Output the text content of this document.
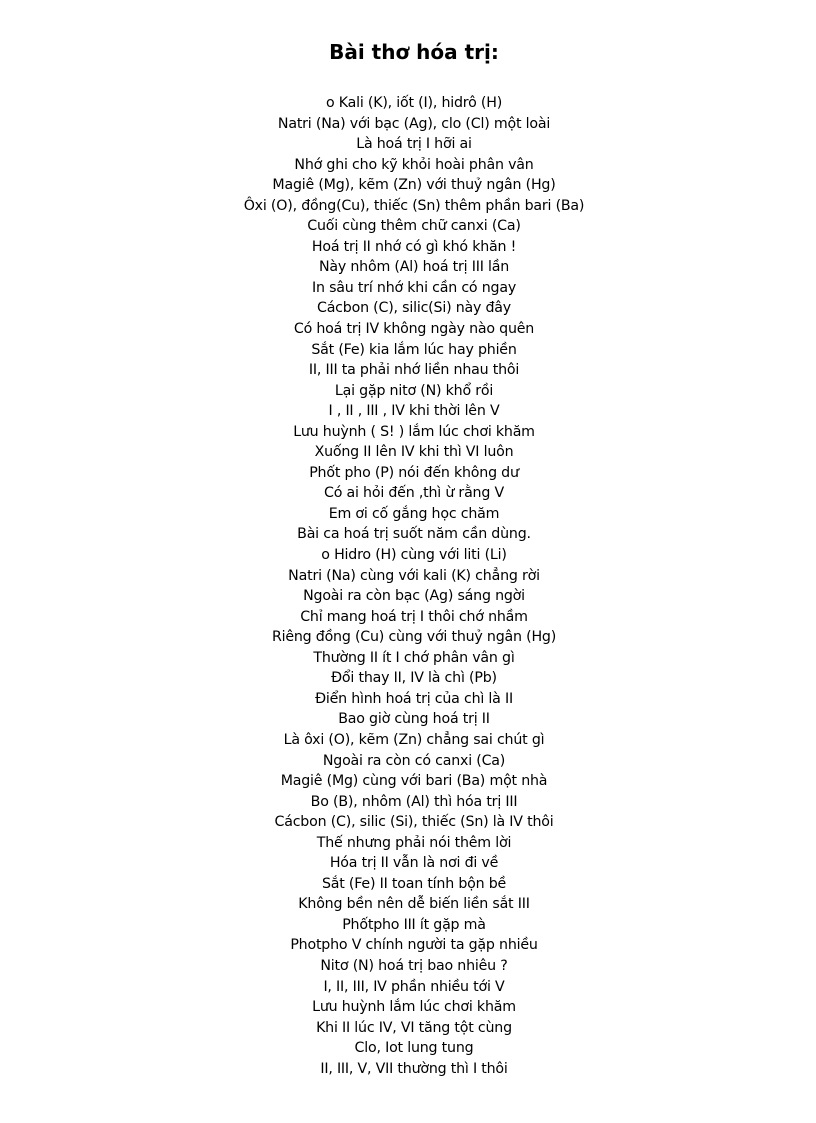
Bài thơ hóa trị:
o Kali (K), iốt (I), hidrô (H)
Natri (Na) với bạc (Ag), clo (Cl) một loài
Là hoá trị I hỡi ai
Nhớ ghi cho kỹ khỏi hoài phân vân
Magiê (Mg), kẽm (Zn) với thuỷ ngân (Hg)
Ôxi (O), đồng(Cu), thiếc (Sn) thêm phần bari (Ba)
Cuối cùng thêm chữ canxi (Ca)
Hoá trị II nhớ có gì khó khăn !
Này nhôm (Al) hoá trị III lần
In sâu trí nhớ khi cần có ngay
Cácbon (C), silic(Si) này đây
Có hoá trị IV không ngày nào quên
Sắt (Fe) kia lắm lúc hay phiền
II, III ta phải nhớ liền nhau thôi
Lại gặp nitơ (N) khổ rồi
I , II , III , IV khi thời lên V
Lưu huỳnh ( S! ) lắm lúc chơi khăm
Xuống II lên IV khi thì VI luôn
Phốt pho (P) nói đến không dư
Có ai hỏi đến ,thì ừ rằng V
Em ơi cố gắng học chăm
Bài ca hoá trị suốt năm cần dùng.
o Hidro (H) cùng với liti (Li)
Natri (Na) cùng với kali (K) chẳng rời
Ngoài ra còn bạc (Ag) sáng ngời
Chỉ mang hoá trị I thôi chớ nhầm
Riêng đồng (Cu) cùng với thuỷ ngân (Hg)
Thường II ít I chớ phân vân gì
Đổi thay II, IV là chì (Pb)
Điển hình hoá trị của chì là II
Bao giờ cùng hoá trị II
Là ôxi (O), kẽm (Zn) chẳng sai chút gì
Ngoài ra còn có canxi (Ca)
Magiê (Mg) cùng với bari (Ba) một nhà
Bo (B), nhôm (Al) thì hóa trị III
Cácbon (C), silic (Si), thiếc (Sn) là IV thôi
Thế nhưng phải nói thêm lời
Hóa trị II vẫn là nơi đi về
Sắt (Fe) II toan tính bộn bề
Không bền nên dễ biến liền sắt III
Phốtpho III ít gặp mà
Photpho V chính người ta gặp nhiều
Nitơ (N) hoá trị bao nhiêu ?
I, II, III, IV phần nhiều tới V
Lưu huỳnh lắm lúc chơi khăm
Khi II lúc IV, VI tăng tột cùng
Clo, Iot lung tung
II, III, V, VII thường thì I thôi
